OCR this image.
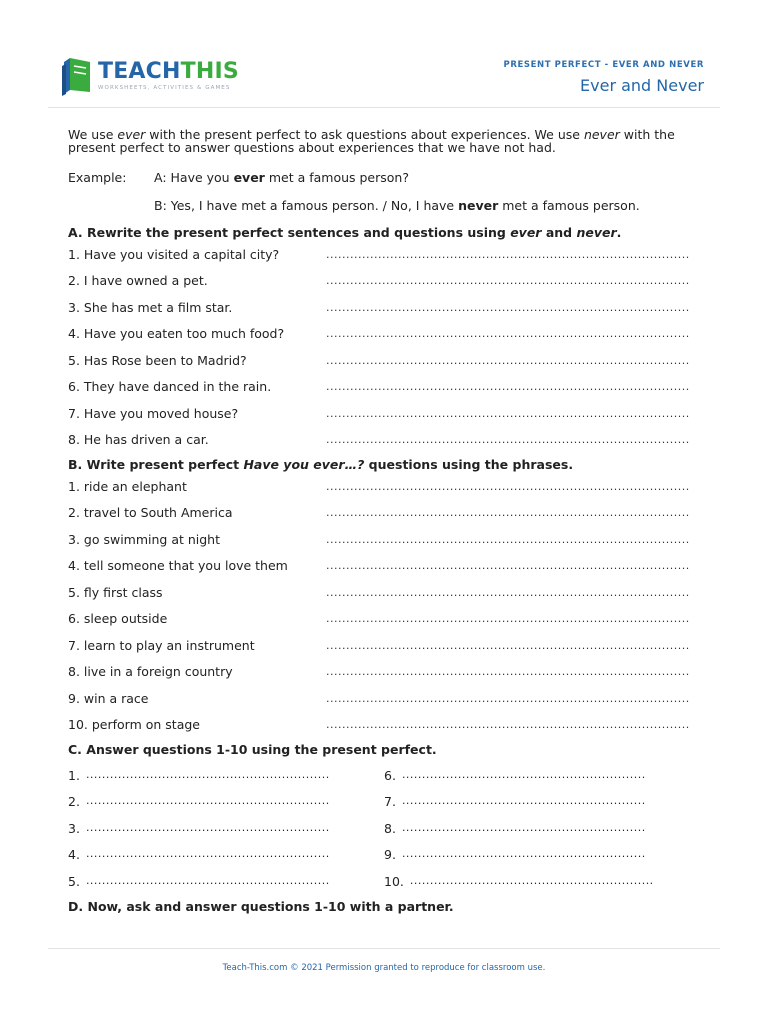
TEACHTHIS
WORKSHEETS, ACTIVITIES & GAMES
PRESENT PERFECT - EVER AND NEVER
Ever and Never
We use ever with the present perfect to ask questions about experiences. We use never with the present perfect to answer questions about experiences that we have not had.
Example:	A: Have you ever met a famous person?
B: Yes, I have met a famous person. / No, I have never met a famous person.
A. Rewrite the present perfect sentences and questions using ever and never.
1. Have you visited a capital city?	...........................................................................................
2. I have owned a pet.	...........................................................................................
3. She has met a film star.	...........................................................................................
4. Have you eaten too much food?	...........................................................................................
5. Has Rose been to Madrid?	...........................................................................................
6. They have danced in the rain.	...........................................................................................
7. Have you moved house?	...........................................................................................
8. He has driven a car.	...........................................................................................
B. Write present perfect Have you ever…? questions using the phrases.
1. ride an elephant	...........................................................................................
2. travel to South America	...........................................................................................
3. go swimming at night	...........................................................................................
4. tell someone that you love them	...........................................................................................
5. fly first class	...........................................................................................
6. sleep outside	...........................................................................................
7. learn to play an instrument	...........................................................................................
8. live in a foreign country	...........................................................................................
9. win a race	...........................................................................................
10. perform on stage	...........................................................................................
C. Answer questions 1-10 using the present perfect.
1. .............................................................	6. .............................................................
2. .............................................................	7. .............................................................
3. .............................................................	8. .............................................................
4. .............................................................	9. .............................................................
5. .............................................................	10. .............................................................
D. Now, ask and answer questions 1-10 with a partner.
Teach-This.com © 2021 Permission granted to reproduce for classroom use.
